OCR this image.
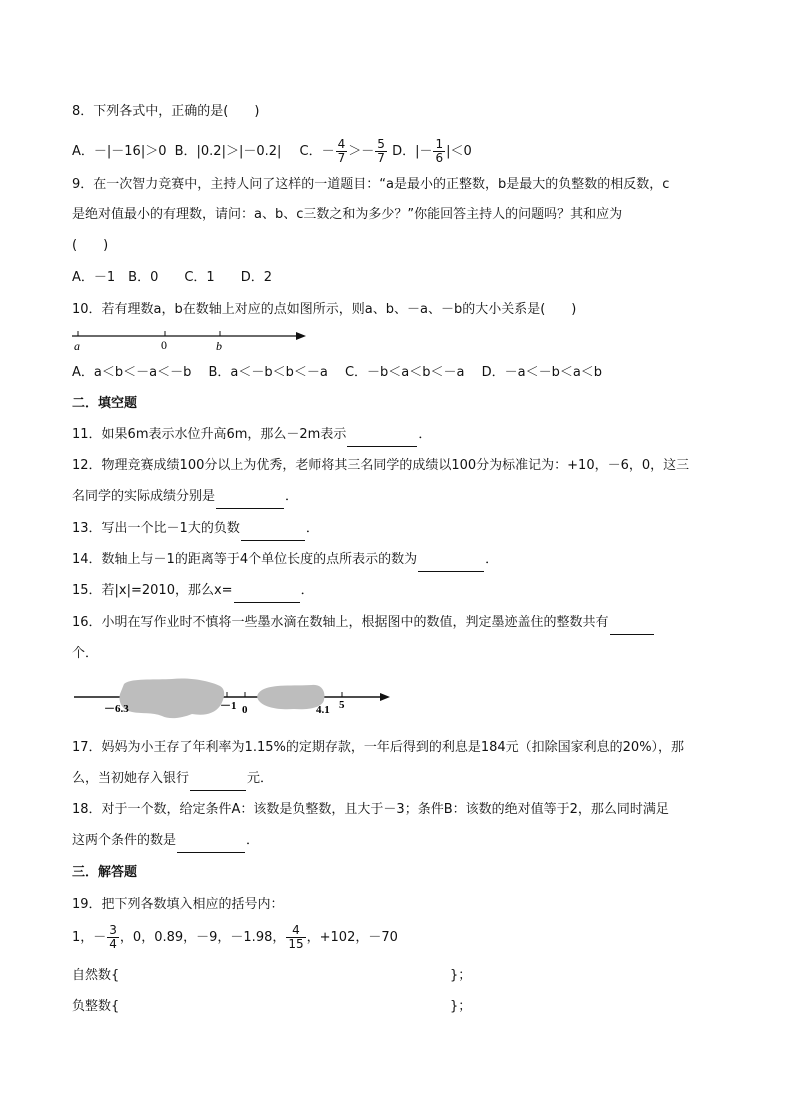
8．下列各式中，正确的是(　　)
A．－|－16|＞0 B．|0.2|＞|－0.2| C．－ $\frac{4}{7} >- \frac{5}{7}$ D．|－ $\frac{1}{6} |<0$
9．在一次智力竞赛中，主持人问了这样的一道题目：“a是最小的正整数，b是最大的负整数的相反数，c
是绝对值最小的有理数，请问：a、b、c三数之和为多少？”你能回答主持人的问题吗？其和应为
(　　)
A．－1　B．0　　C．1　　D．2
10．若有理数a，b在数轴上对应的点如图所示，则a、b、－a、－b的大小关系是(　　)
a	0	b
A．a＜b＜－a＜－b　 B．a＜－b＜b＜－a　 C．－b＜a＜b＜－a　 D．－a＜－b＜a＜b
二．填空题
11．如果6m表示水位升高6m，那么－2m表示	．
12．物理竞赛成绩100分以上为优秀，老师将其三名同学的成绩以100分为标准记为：+10，－6，0，这三
名同学的实际成绩分别是	．
13．写出一个比－1大的负数	．
14．数轴上与－1的距离等于4个单位长度的点所表示的数为	．
15．若|x|=2010，那么x=	．
16．小明在写作业时不慎将一些墨水滴在数轴上，根据图中的数值，判定墨迹盖住的整数共有
个．
－6.3	－1 0	4.1 5
17．妈妈为小王存了年利率为1.15%的定期存款，一年后得到的利息是184元（扣除国家利息的20%），那
么，当初她存入银行	元．
18．对于一个数，给定条件A：该数是负整数，且大于－3；条件B：该数的绝对值等于2，那么同时满足
这两个条件的数是	．
三．解答题
19．把下列各数填入相应的括号内：
1，－ $\frac{3}{4}$ ，0，0.89，－9，－1.98， $\frac{4}{15}$ ，+102，－70
自然数{	}；
负整数{	}；
